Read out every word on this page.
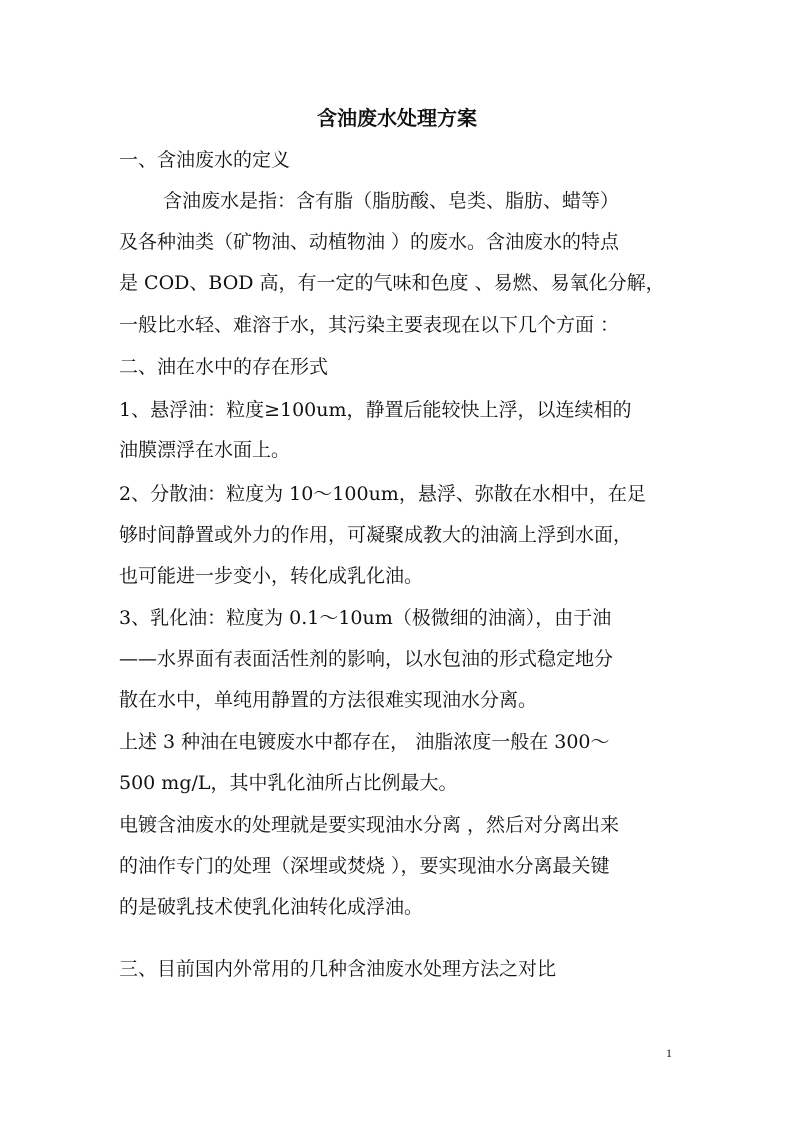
含油废水处理方案
一、含油废水的定义
含油废水是指：含有脂（脂肪酸、皂类、脂肪、蜡等）
及各种油类（矿物油、动植物油 ）的废水。含油废水的特点
是 COD、BOD 高，有一定的气味和色度 、易燃、易氧化分解，
一般比水轻、难溶于水，其污染主要表现在以下几个方面 ：
二、油在水中的存在形式
1、悬浮油：粒度≥100um，静置后能较快上浮，以连续相的
油膜漂浮在水面上。
2、分散油：粒度为 10～100um，悬浮、弥散在水相中，在足
够时间静置或外力的作用，可凝聚成教大的油滴上浮到水面，
也可能进一步变小，转化成乳化油。
3、乳化油：粒度为 0.1～10um（极微细的油滴），由于油
——水界面有表面活性剂的影响，以水包油的形式稳定地分
散在水中，单纯用静置的方法很难实现油水分离。
上述 3 种油在电镀废水中都存在， 油脂浓度一般在 300～
500 mg/L，其中乳化油所占比例最大。
电镀含油废水的处理就是要实现油水分离 ，然后对分离出来
的油作专门的处理（深埋或焚烧 ），要实现油水分离最关键
的是破乳技术使乳化油转化成浮油。
三、目前国内外常用的几种含油废水处理方法之对比
1
